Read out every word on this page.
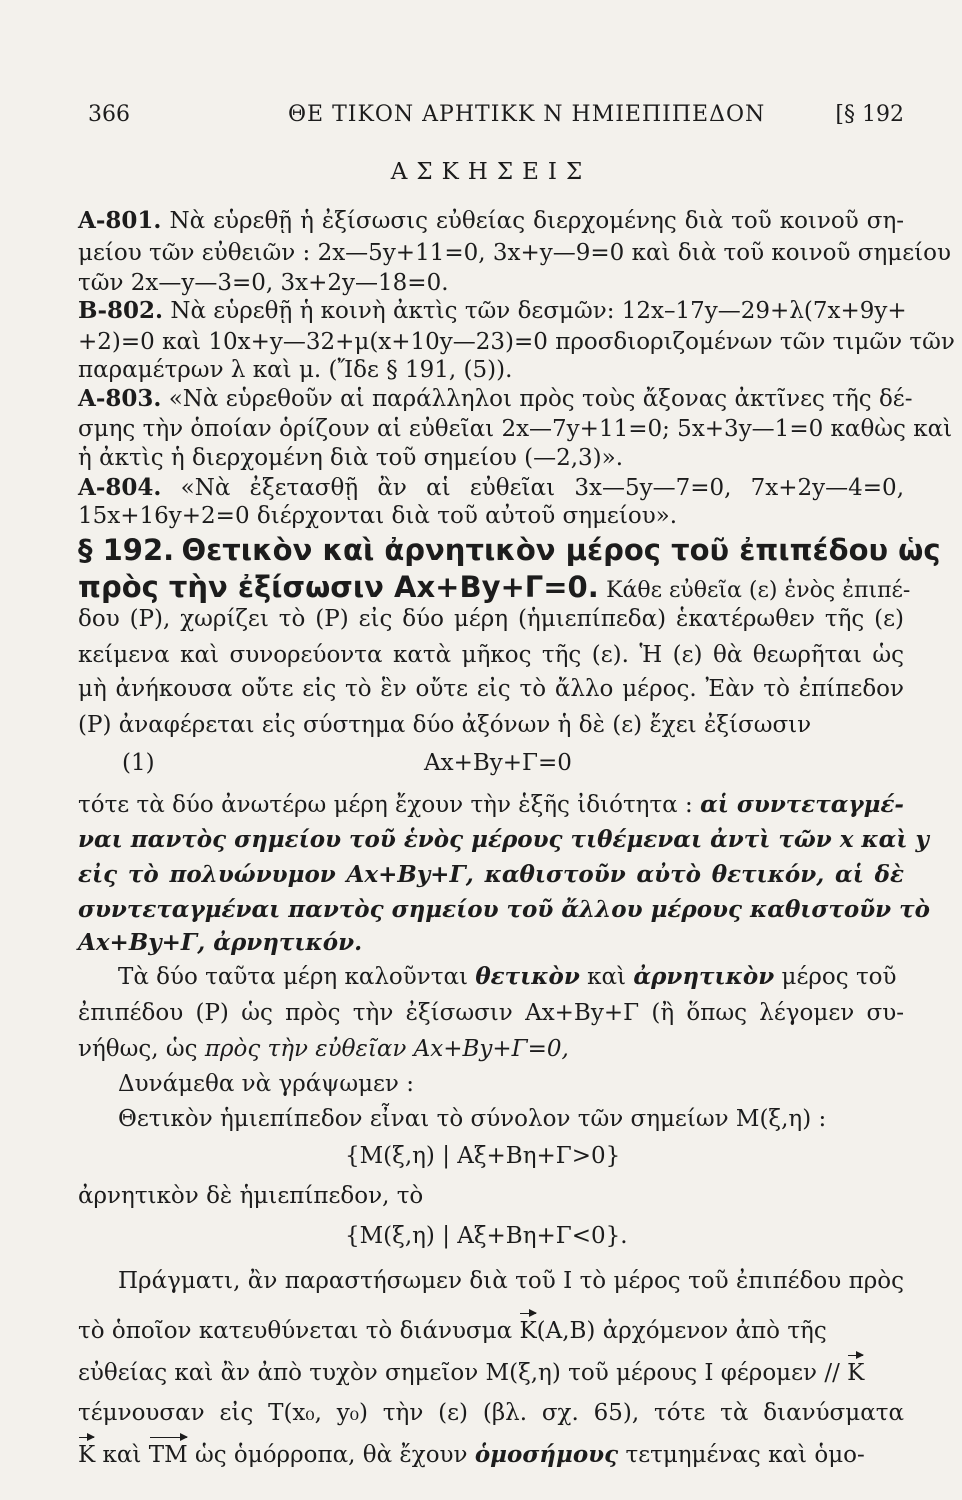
366	ΘΕ ΤΙΚΟΝ ΑΡΗΤΙΚΚ Ν ΗΜΙΕΠΙΠΕΔΟΝ	[§ 192
ΑΣΚΗΣΕΙΣ
Α-801. Νὰ εὑρεθῇ ἡ ἐξίσωσις εὐθείας διερχομένης διὰ τοῦ κοινοῦ ση-
μείου τῶν εὐθειῶν : 2x—5y+11=0, 3x+y—9=0 καὶ διὰ τοῦ κοινοῦ σημείου
τῶν 2x—y—3=0, 3x+2y—18=0.
Β-802. Νὰ εὑρεθῇ ἡ κοινὴ ἀκτὶς τῶν δεσμῶν: 12x–17y—29+λ(7x+9y+
+2)=0 καὶ 10x+y—32+μ(x+10y—23)=0 προσδιοριζομένων τῶν τιμῶν τῶν
παραμέτρων λ καὶ μ. (Ἴδε § 191, (5)).
Α-803. «Νὰ εὑρεθοῦν αἱ παράλληλοι πρὸς τοὺς ἄξονας ἀκτῖνες τῆς δέ-
σμης τὴν ὁποίαν ὁρίζουν αἱ εὐθεῖαι 2x—7y+11=0; 5x+3y—1=0 καθὼς καὶ
ἡ ἀκτὶς ἡ διερχομένη διὰ τοῦ σημείου (—2,3)».
Α-804. «Νὰ ἐξετασθῇ ἂν αἱ εὐθεῖαι 3x—5y—7=0, 7x+2y—4=0,
15x+16y+2=0 διέρχονται διὰ τοῦ αὐτοῦ σημείου».
§ 192. Θετικὸν καὶ ἀρνητικὸν μέρος τοῦ ἐπιπέδου ὡς
πρὸς τὴν ἐξίσωσιν Αx+Βy+Γ=0. Κάθε εὐθεῖα (ε) ἑνὸς ἐπιπέ-
δου (P), χωρίζει τὸ (P) εἰς δύο μέρη (ἡμιεπίπεδα) ἑκατέρωθεν τῆς (ε)
κείμενα καὶ συνορεύοντα κατὰ μῆκος τῆς (ε). Ἡ (ε) θὰ θεωρῆται ὡς
μὴ ἀνήκουσα οὔτε εἰς τὸ ἓν οὔτε εἰς τὸ ἄλλο μέρος. Ἐὰν τὸ ἐπίπεδον
(P) ἀναφέρεται εἰς σύστημα δύο ἀξόνων ἡ δὲ (ε) ἔχει ἐξίσωσιν
(1)	Αx+Βy+Γ=0
τότε τὰ δύο ἀνωτέρω μέρη ἔχουν τὴν ἑξῆς ἰδιότητα : αἱ συντεταγμέ-
ναι παντὸς σημείου τοῦ ἑνὸς μέρους τιθέμεναι ἀντὶ τῶν x καὶ y
εἰς τὸ πολυώνυμον Αx+Βy+Γ, καθιστοῦν αὐτὸ θετικόν, αἱ δὲ
συντεταγμέναι παντὸς σημείου τοῦ ἄλλου μέρους καθιστοῦν τὸ
Αx+Βy+Γ, ἀρνητικόν.
Τὰ δύο ταῦτα μέρη καλοῦνται θετικὸν καὶ ἀρνητικὸν μέρος τοῦ
ἐπιπέδου (P) ὡς πρὸς τὴν ἐξίσωσιν Αx+Βy+Γ (ἢ ὅπως λέγομεν συ-
νήθως, ὡς πρὸς τὴν εὐθεῖαν Αx+Βy+Γ=0,
Δυνάμεθα νὰ γράψωμεν :
Θετικὸν ἡμιεπίπεδον εἶναι τὸ σύνολον τῶν σημείων Μ(ξ,η) :
{Μ(ξ,η) | Αξ+Βη+Γ>0}
ἀρνητικὸν δὲ ἡμιεπίπεδον, τὸ
{Μ(ξ,η) | Αξ+Βη+Γ<0}.
Πράγματι, ἂν παραστήσωμεν διὰ τοῦ Ι τὸ μέρος τοῦ ἐπιπέδου πρὸς
τὸ ὁποῖον κατευθύνεται τὸ διάνυσμα Κ(Α,Β) ἀρχόμενον ἀπὸ τῆς
εὐθείας καὶ ἂν ἀπὸ τυχὸν σημεῖον Μ(ξ,η) τοῦ μέρους Ι φέρομεν // Κ
τέμνουσαν εἰς Τ(x₀, y₀) τὴν (ε) (βλ. σχ. 65), τότε τὰ διανύσματα
Κ καὶ ΤΜ ὡς ὁμόρροπα, θὰ ἔχουν ὁμοσήμους τετμημένας καὶ ὁμο-
